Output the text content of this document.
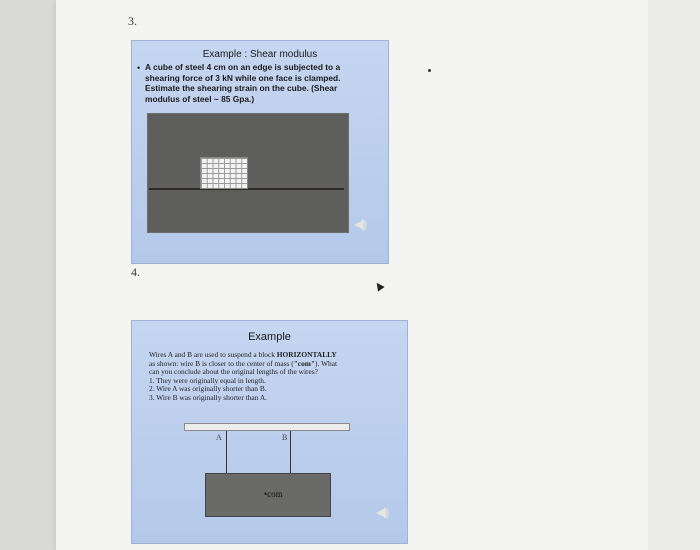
3.
Example : Shear modulus
• A cube of steel 4 cm on an edge is subjected to a
shearing force of 3 kN while one face is clamped.
Estimate the shearing strain on the cube. (Shear
modulus of steel ~ 85 Gpa.)
◀))
4.
Example
Wires A and B are used to suspend a block HORIZONTALLY
as shown: wire B is closer to the center of mass ("com"). What
can you conclude about the original lengths of the wires?
1. They were originally equal in length.
2. Wire A was originally shorter than B.
3. Wire B was originally shorter than A.
A	B
•com
◀))
